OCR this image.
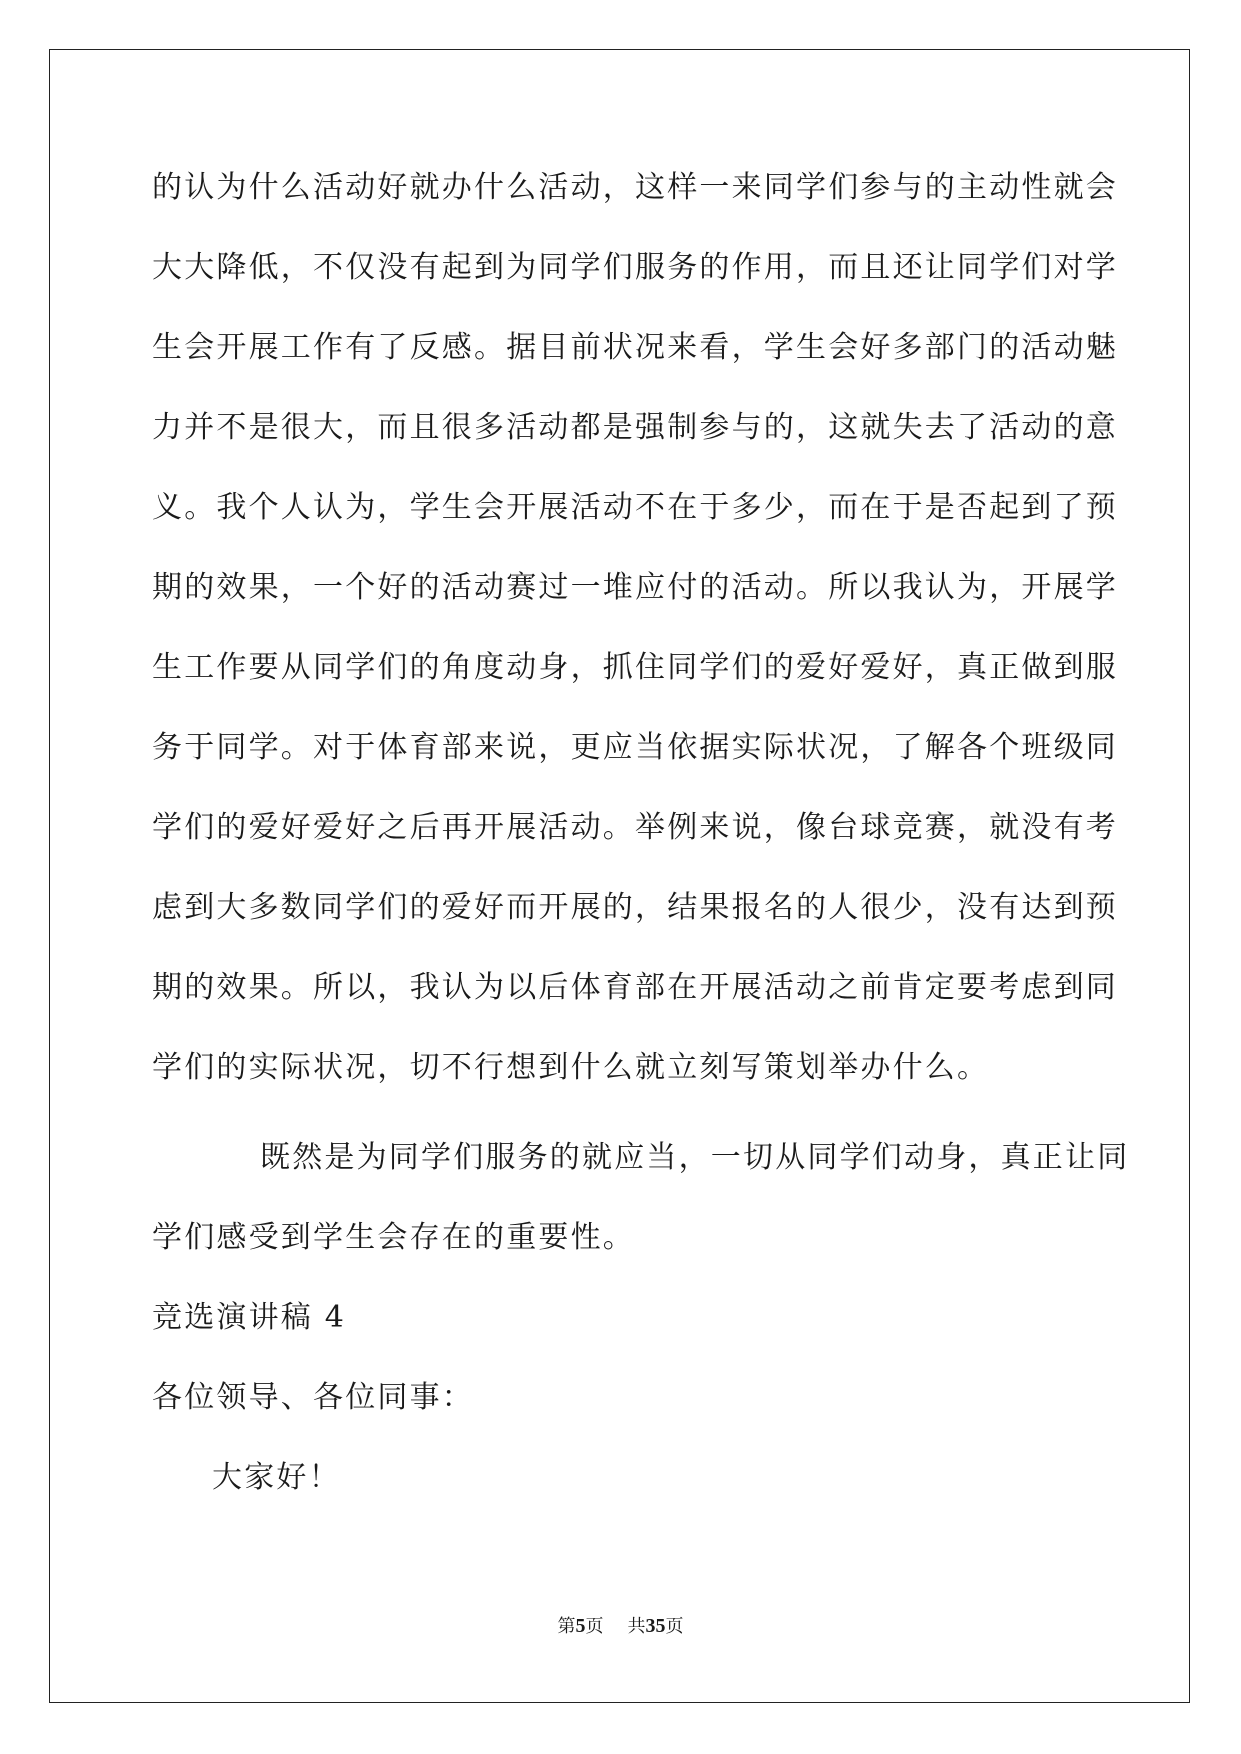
的认为什么活动好就办什么活动，这样一来同学们参与的主动性就会
大大降低，不仅没有起到为同学们服务的作用，而且还让同学们对学
生会开展工作有了反感。据目前状况来看，学生会好多部门的活动魅
力并不是很大，而且很多活动都是强制参与的，这就失去了活动的意
义。我个人认为，学生会开展活动不在于多少，而在于是否起到了预
期的效果，一个好的活动赛过一堆应付的活动。所以我认为，开展学
生工作要从同学们的角度动身，抓住同学们的爱好爱好，真正做到服
务于同学。对于体育部来说，更应当依据实际状况，了解各个班级同
学们的爱好爱好之后再开展活动。举例来说，像台球竞赛，就没有考
虑到大多数同学们的爱好而开展的，结果报名的人很少，没有达到预
期的效果。所以，我认为以后体育部在开展活动之前肯定要考虑到同
学们的实际状况，切不行想到什么就立刻写策划举办什么。
既然是为同学们服务的就应当，一切从同学们动身，真正让同
学们感受到学生会存在的重要性。
竞选演讲稿 4
各位领导、各位同事：
大家好！
第5页 共35页
